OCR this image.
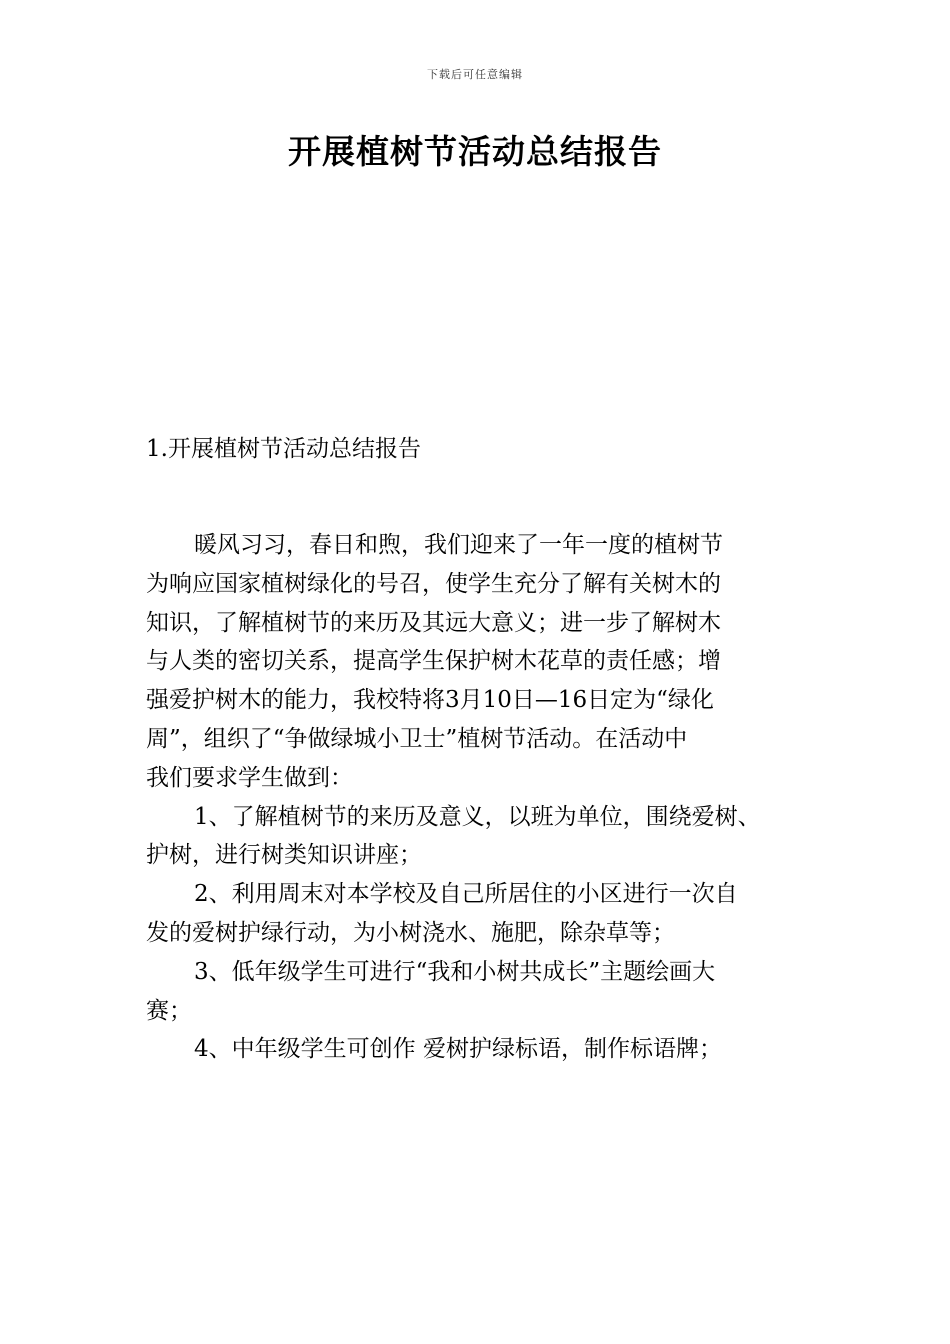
下载后可任意编辑
开展植树节活动总结报告
1.开展植树节活动总结报告

暖风习习，春日和煦，我们迎来了一年一度的植树节
为响应国家植树绿化的号召，使学生充分了解有关树木的
知识，了解植树节的来历及其远大意义；进一步了解树木
与人类的密切关系，提高学生保护树木花草的责任感；增
强爱护树木的能力，我校特将3月10日—16日定为“绿化
周”，组织了“争做绿城小卫士”植树节活动。在活动中
我们要求学生做到：

1、了解植树节的来历及意义，以班为单位，围绕爱树、
护树，进行树类知识讲座；

2、利用周末对本学校及自己所居住的小区进行一次自
发的爱树护绿行动，为小树浇水、施肥，除杂草等；

3、低年级学生可进行“我和小树共成长”主题绘画大
赛；

4、中年级学生可创作 爱树护绿标语，制作标语牌；
